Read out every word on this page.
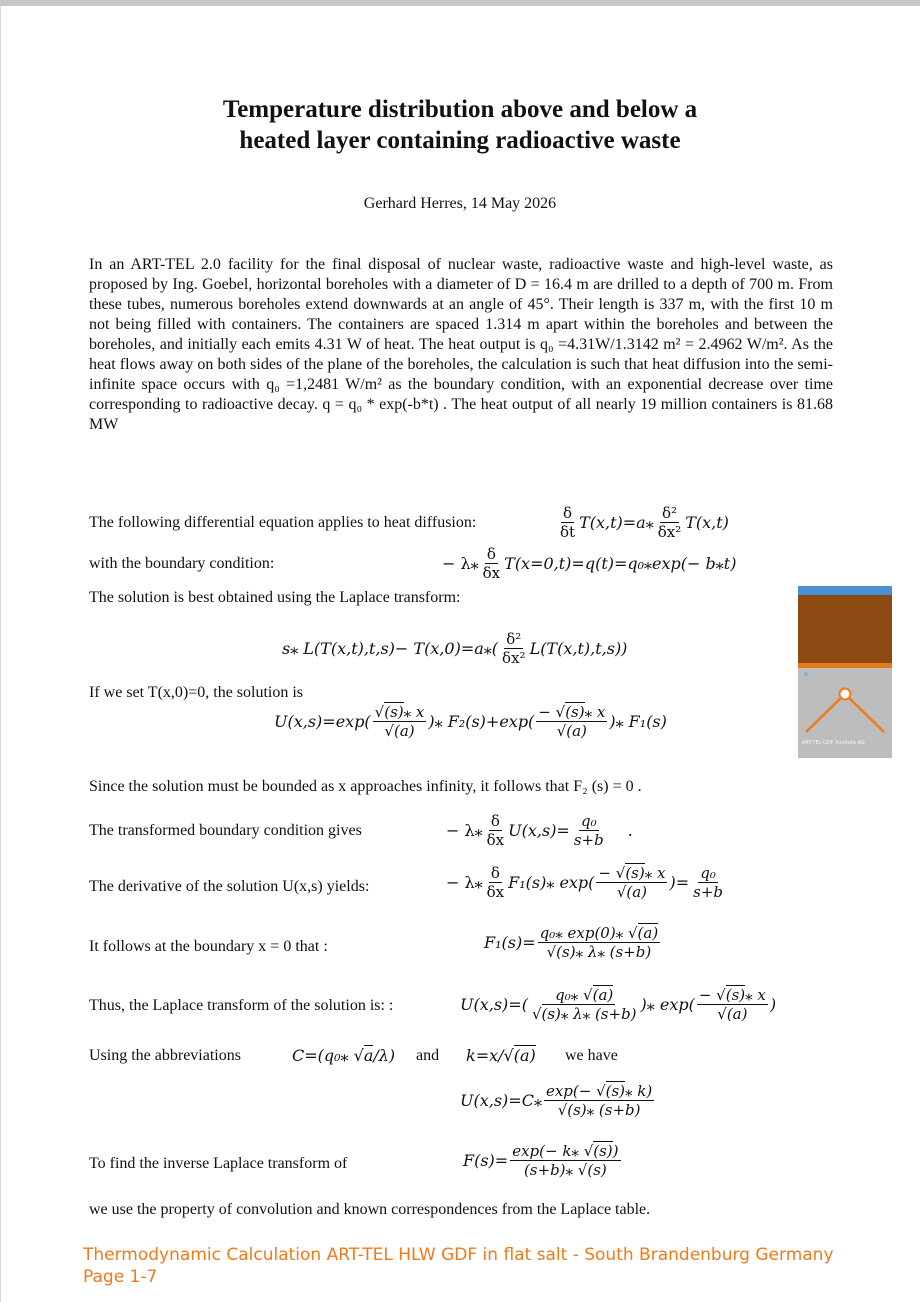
Temperature distribution above and below a
heated layer containing radioactive waste
Gerhard Herres, 14 May 2026
In an ART-TEL 2.0 facility for the final disposal of nuclear waste, radioactive waste and high-level waste, as proposed by Ing. Goebel, horizontal boreholes with a diameter of D = 16.4 m are drilled to a depth of 700 m. From these tubes, numerous boreholes extend downwards at an angle of 45°. Their length is 337 m, with the first 10 m not being filled with containers. The containers are spaced 1.314 m apart within the boreholes and between the boreholes, and initially each emits 4.31 W of heat. The heat output is q₀ =4.31W/1.3142 m² = 2.4962 W/m². As the heat flows away on both sides of the plane of the boreholes, the calculation is such that heat diffusion into the semi-infinite space occurs with q₀ =1,2481 W/m² as the boundary condition, with an exponential decrease over time corresponding to radioactive decay. q = q₀ * exp(-b*t) . The heat output of all nearly 19 million containers is 81.68 MW
The following differential equation applies to heat diffusion:	$\frac{\delta}{\delta t}$ T(x,t)=a⁎ $\frac{\text{δ²}}{\text{δx²}} T(x,t)$
with the boundary condition:	− λ⁎ $\frac{\delta}{\delta x}$ T(x=0,t)=q(t)=q₀⁎exp(− b⁎t)
The solution is best obtained using the Laplace transform:
s⁎ L(T(x,t),t,s)− T(x,0)=a⁎( $\frac{\text{δ²}}{\text{δx²}} L(T(x,t),t,s)$)
If we set T(x,0)=0, the solution is
$U(x,s)=\exp( \frac{√(s)⁎ x}{√(a)}$ )⁎ $F_2(s)+\exp( \frac{- √(s)⁎ x}{√(a)}$ )⁎ F₁(s)
Since the solution must be bounded as x approaches infinity, it follows that F₂ (s) = 0 .
The transformed boundary condition gives	− λ⁎ $\frac{\delta}{\delta x} U(x,s)= \frac{\text{q₀}}{s+b}$ .
The derivative of the solution U(x,s) yields:	− λ⁎ $\frac{\delta}{\delta x}$ F₁(s)⁎ $\exp( \frac{- √(s)⁎ x}{√(a)}$ )= $\frac{\text{q₀}}{s+b}$
It follows at the boundary x = 0 that :	$F_1(s)= \frac{\text{q₀⁎ exp(0)⁎ √(a)}}{√(s)⁎ \lambda⁎ (s+b)}$
Thus, the Laplace transform of the solution is: :	$U(x,s)=( \frac{\text{q₀⁎ √(a)}}{√(s)⁎ \lambda⁎ (s+b)}$ )⁎ $\exp( \frac{- √(s)⁎ x}{√(a)}$ )
Using the abbreviations	C=(q₀⁎ √a/λ) and k=x/√(a) we have
U(x,s)=C⁎ $\frac{\exp(- √(s)⁎ k)}{√(s)⁎ (s+b)}$
To find the inverse Laplace transform of	$F(s)= \frac{\exp(- k⁎ √(s))}{(s+b)⁎ √(s)}$
we use the property of convolution and known correspondences from the Laplace table.
ART-TEL GDF Institute AG
Thermodynamic Calculation ART-TEL HLW GDF in flat salt - South Brandenburg Germany
Page 1-7
